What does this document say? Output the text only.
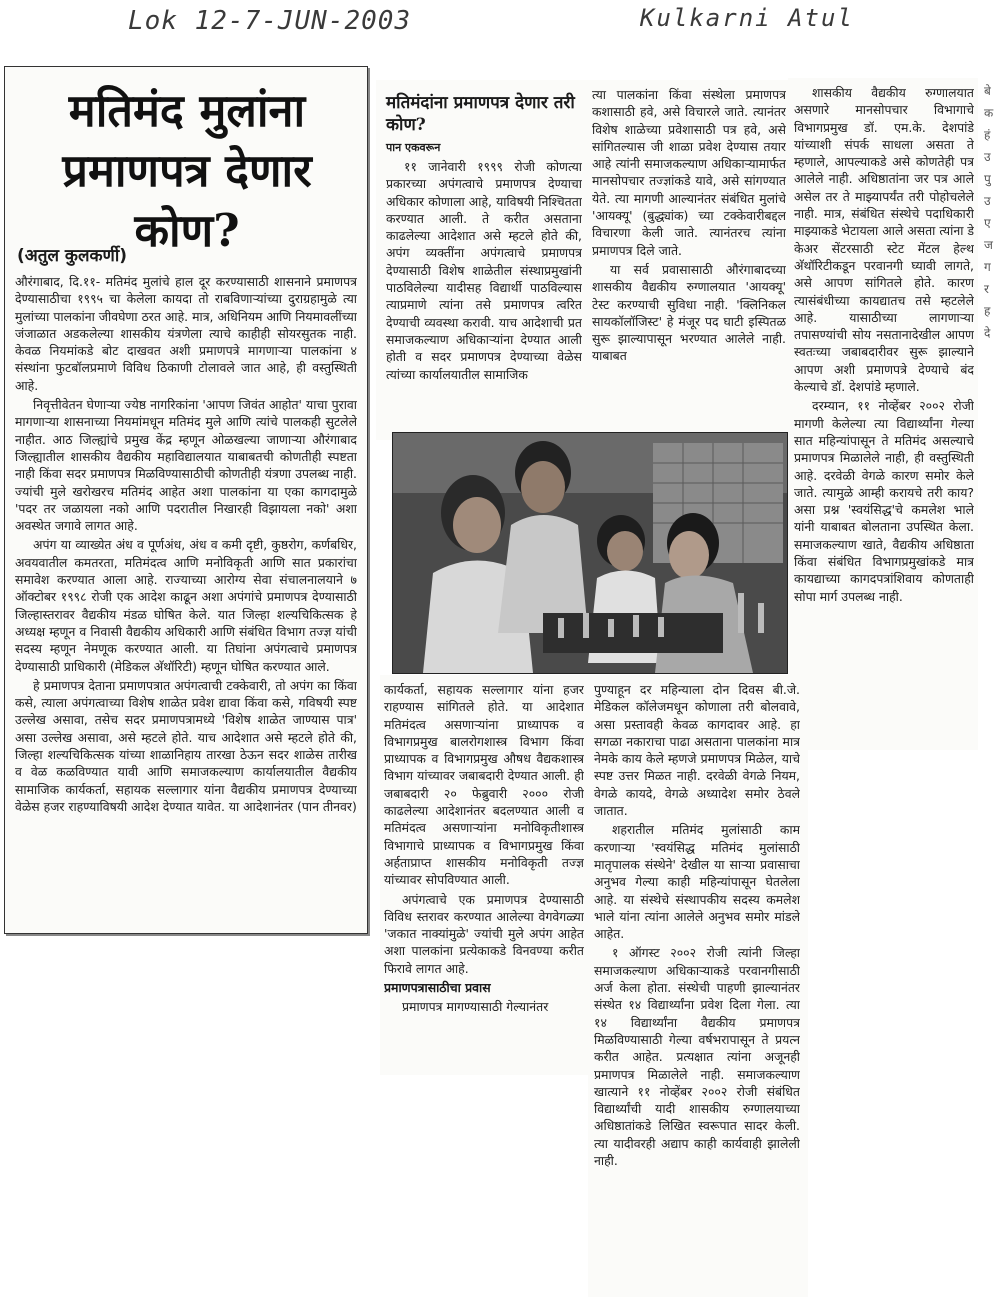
Lok 12-7-JUN-2003	Kulkarni Atul
मतिमंद मुलांना
प्रमाणपत्र देणार कोण?
(अतुल कुलकर्णी)

औरंगाबाद, दि.११- मतिमंद मुलांचे हाल दूर करण्यासाठी शासनाने प्रमाणपत्र देण्यासाठीचा १९९५ चा केलेला कायदा तो राबविणाऱ्यांच्या दुराग्रहामुळे त्या मुलांच्या पालकांना जीवघेणा ठरत आहे. मात्र, अधिनियम आणि नियमावलींच्या जंजाळात अडकलेल्या शासकीय यंत्रणेला त्याचे काहीही सोयरसुतक नाही. केवळ नियमांकडे बोट दाखवत अशी प्रमाणपत्रे मागणाऱ्या पालकांना ४ संस्थांना फुटबॉलप्रमाणे विविध ठिकाणी टोलावले जात आहे, ही वस्तुस्थिती आहे.

निवृत्तीवेतन घेणाऱ्या ज्येष्ठ नागरिकांना 'आपण जिवंत आहोत' याचा पुरावा मागणाऱ्या शासनाच्या नियमांमधून मतिमंद मुले आणि त्यांचे पालकही सुटलेले नाहीत. आठ जिल्ह्यांचे प्रमुख केंद्र म्हणून ओळखल्या जाणाऱ्या औरंगाबाद जिल्ह्यातील शासकीय वैद्यकीय महाविद्यालयात याबाबतची कोणतीही स्पष्टता नाही किंवा सदर प्रमाणपत्र मिळविण्यासाठीची कोणतीही यंत्रणा उपलब्ध नाही. ज्यांची मुले खरोखरच मतिमंद आहेत अशा पालकांना या एका कागदामुळे 'पदर तर जळायला नको आणि पदरातील निखारही विझायला नको' अशा अवस्थेत जगावे लागत आहे.

अपंग या व्याख्येत अंध व पूर्णअंध, अंध व कमी दृष्टी, कुष्ठरोग, कर्णबधिर, अवयवातील कमतरता, मतिमंदत्व आणि मनोविकृती आणि सात प्रकारांचा समावेश करण्यात आला आहे. राज्याच्या आरोग्य सेवा संचालनालयाने ७ ऑक्टोबर १९९८ रोजी एक आदेश काढून अशा अपंगांचे प्रमाणपत्र देण्यासाठी जिल्हास्तरावर वैद्यकीय मंडळ घोषित केले. यात जिल्हा शल्यचिकित्सक हे अध्यक्ष म्हणून व निवासी वैद्यकीय अधिकारी आणि संबंधित विभाग तज्ज्ञ यांची सदस्य म्हणून नेमणूक करण्यात आली. या तिघांना अपंगत्वाचे प्रमाणपत्र देण्यासाठी प्राधिकारी (मेडिकल अ‍ॅथॉरिटी) म्हणून घोषित करण्यात आले.

हे प्रमाणपत्र देताना प्रमाणपत्रात अपंगत्वाची टक्केवारी, तो अपंग का किंवा कसे, त्याला अपंगत्वाच्या विशेष शाळेत प्रवेश द्यावा किंवा कसे, गविषयी स्पष्ट उल्लेख असावा, तसेच सदर प्रमाणपत्रामध्ये 'विशेष शाळेत जाण्यास पात्र' असा उल्लेख असावा, असे म्हटले होते. याच आदेशात असे म्हटले होते की, जिल्हा शल्यचिकित्सक यांच्या शाळानिहाय तारखा ठेऊन सदर शाळेस तारीख व वेळ कळविण्यात यावी आणि समाजकल्याण कार्यालयातील वैद्यकीय सामाजिक कार्यकर्ता, सहायक सल्लागार यांना वैद्यकीय प्रमाणपत्र देण्याच्या वेळेस हजर राहण्याविषयी आदेश देण्यात यावेत. या आदेशानंतर (पान तीनवर)

मतिमंदांना प्रमाणपत्र देणार तरी कोण?
पान एकवरून

११ जानेवारी १९९९ रोजी कोणत्या प्रकारच्या अपंगत्वाचे प्रमाणपत्र देण्याचा अधिकार कोणाला आहे, याविषयी निश्चितता करण्यात आली. ते करीत असताना काढलेल्या आदेशात असे म्हटले होते की, अपंग व्यक्तींना अपंगत्वाचे प्रमाणपत्र देण्यासाठी विशेष शाळेतील संस्थाप्रमुखांनी पाठविलेल्या यादीसह विद्यार्थी पाठविल्यास त्याप्रमाणे त्यांना तसे प्रमाणपत्र त्वरित देण्याची व्यवस्था करावी. याच आदेशाची प्रत समाजकल्याण अधिकाऱ्यांना देण्यात आली होती व सदर प्रमाणपत्र देण्याच्या वेळेस त्यांच्या कार्यालयातील सामाजिक

त्या पालकांना किंवा संस्थेला प्रमाणपत्र कशासाठी हवे, असे विचारले जाते. त्यानंतर विशेष शाळेच्या प्रवेशासाठी पत्र हवे, असे सांगितल्यास जी शाळा प्रवेश देण्यास तयार आहे त्यांनी समाजकल्याण अधिकाऱ्यामार्फत मानसोपचार तज्ज्ञांकडे यावे, असे सांगण्यात येते. त्या मागणी आल्यानंतर संबंधित मुलांचे 'आयक्यू' (बुद्ध्यांक) च्या टक्केवारीबद्दल विचारणा केली जाते. त्यानंतरच त्यांना प्रमाणपत्र दिले जाते.

या सर्व प्रवासासाठी औरंगाबादच्या शासकीय वैद्यकीय रुग्णालयात 'आयक्यू' टेस्ट करण्याची सुविधा नाही. 'क्लिनिकल सायकॉलॉजिस्ट' हे मंजूर पद घाटी इस्पितळ सुरू झाल्यापासून भरण्यात आलेले नाही. याबाबत

शासकीय वैद्यकीय रुग्णालयात असणारे मानसोपचार विभागाचे विभागप्रमुख डॉ. एम.के. देशपांडे यांच्याशी संपर्क साधला असता ते म्हणाले, आपल्याकडे असे कोणतेही पत्र आलेले नाही. अधिष्ठातांना जर पत्र आले असेल तर ते माझ्यापर्यंत तरी पोहोचलेले नाही. मात्र, संबंधित संस्थेचे पदाधिकारी माझ्याकडे भेटायला आले असता त्यांना डे केअर सेंटरसाठी स्टेट मेंटल हेल्थ अ‍ॅथॉरिटीकडून परवानगी घ्यावी लागते, असे आपण सांगितले होते. कारण त्यासंबंधीच्या कायद्यातच तसे म्हटलेले आहे. यासाठीच्या लागणाऱ्या तपासण्यांची सोय नसतानादेखील आपण स्वतःच्या जबाबदारीवर सुरू झाल्याने आपण अशी प्रमाणपत्रे देण्याचे बंद केल्याचे डॉ. देशपांडे म्हणाले.

दरम्यान, ११ नोव्हेंबर २००२ रोजी मागणी केलेल्या त्या विद्यार्थ्यांना गेल्या सात महिन्यांपासून ते मतिमंद असल्याचे प्रमाणपत्र मिळालेले नाही, ही वस्तुस्थिती आहे. दरवेळी वेगळे कारण समोर केले जाते. त्यामुळे आम्ही करायचे तरी काय? असा प्रश्न 'स्वयंसिद्ध'चे कमलेश भाले यांनी याबाबत बोलताना उपस्थित केला. समाजकल्याण खाते, वैद्यकीय अधिष्ठाता किंवा संबंधित विभागप्रमुखांकडे मात्र कायद्याच्या कागदपत्रांशिवाय कोणताही सोपा मार्ग उपलब्ध नाही.

कार्यकर्ता, सहायक सल्लागार यांना हजर राहण्यास सांगितले होते. या आदेशात मतिमंदत्व असणाऱ्यांना प्राध्यापक व विभागप्रमुख बालरोगशास्त्र विभाग किंवा प्राध्यापक व विभागप्रमुख औषध वैद्यकशास्त्र विभाग यांच्यावर जबाबदारी देण्यात आली. ही जबाबदारी २० फेब्रुवारी २००० रोजी काढलेल्या आदेशानंतर बदलण्यात आली व मतिमंदत्व असणाऱ्यांना मनोविकृतीशास्त्र विभागाचे प्राध्यापक व विभागप्रमुख किंवा अर्हताप्राप्त शासकीय मनोविकृती तज्ज्ञ यांच्यावर सोपविण्यात आली.

अपंगत्वाचे एक प्रमाणपत्र देण्यासाठी विविध स्तरावर करण्यात आलेल्या वेगवेगळ्या 'जकात नाक्यांमुळे' ज्यांची मुले अपंग आहेत अशा पालकांना प्रत्येकाकडे विनवण्या करीत फिरावे लागत आहे.

प्रमाणपत्रासाठीचा प्रवास

प्रमाणपत्र मागण्यासाठी गेल्यानंतर

पुण्याहून दर महिन्याला दोन दिवस बी.जे. मेडिकल कॉलेजमधून कोणाला तरी बोलवावे, असा प्रस्तावही केवळ कागदावर आहे. हा सगळा नकाराचा पाढा असताना पालकांना मात्र नेमके काय केले म्हणजे प्रमाणपत्र मिळेल, याचे स्पष्ट उत्तर मिळत नाही. दरवेळी वेगळे नियम, वेगळे कायदे, वेगळे अध्यादेश समोर ठेवले जातात.

शहरातील मतिमंद मुलांसाठी काम करणाऱ्या 'स्वयंसिद्ध मतिमंद मुलांसाठी मातृपालक संस्थेने' देखील या साऱ्या प्रवासाचा अनुभव गेल्या काही महिन्यांपासून घेतलेला आहे. या संस्थेचे संस्थापकीय सदस्य कमलेश भाले यांना त्यांना आलेले अनुभव समोर मांडले आहेत.

१ ऑगस्ट २००२ रोजी त्यांनी जिल्हा समाजकल्याण अधिकाऱ्याकडे परवानगीसाठी अर्ज केला होता. संस्थेची पाहणी झाल्यानंतर संस्थेत १४ विद्यार्थ्यांना प्रवेश दिला गेला. त्या १४ विद्यार्थ्यांना वैद्यकीय प्रमाणपत्र मिळविण्यासाठी गेल्या वर्षभरापासून ते प्रयत्न करीत आहेत. प्रत्यक्षात त्यांना अजूनही प्रमाणपत्र मिळालेले नाही. समाजकल्याण खात्याने ११ नोव्हेंबर २००२ रोजी संबंधित विद्यार्थ्यांची यादी शासकीय रुग्णालयाच्या अधिष्ठातांकडे लिखित स्वरूपात सादर केली. त्या यादीवरही अद्याप काही कार्यवाही झालेली नाही.

बे
क
हं
उ
पु
उ
ए
ज
ग
र
ह
दे
